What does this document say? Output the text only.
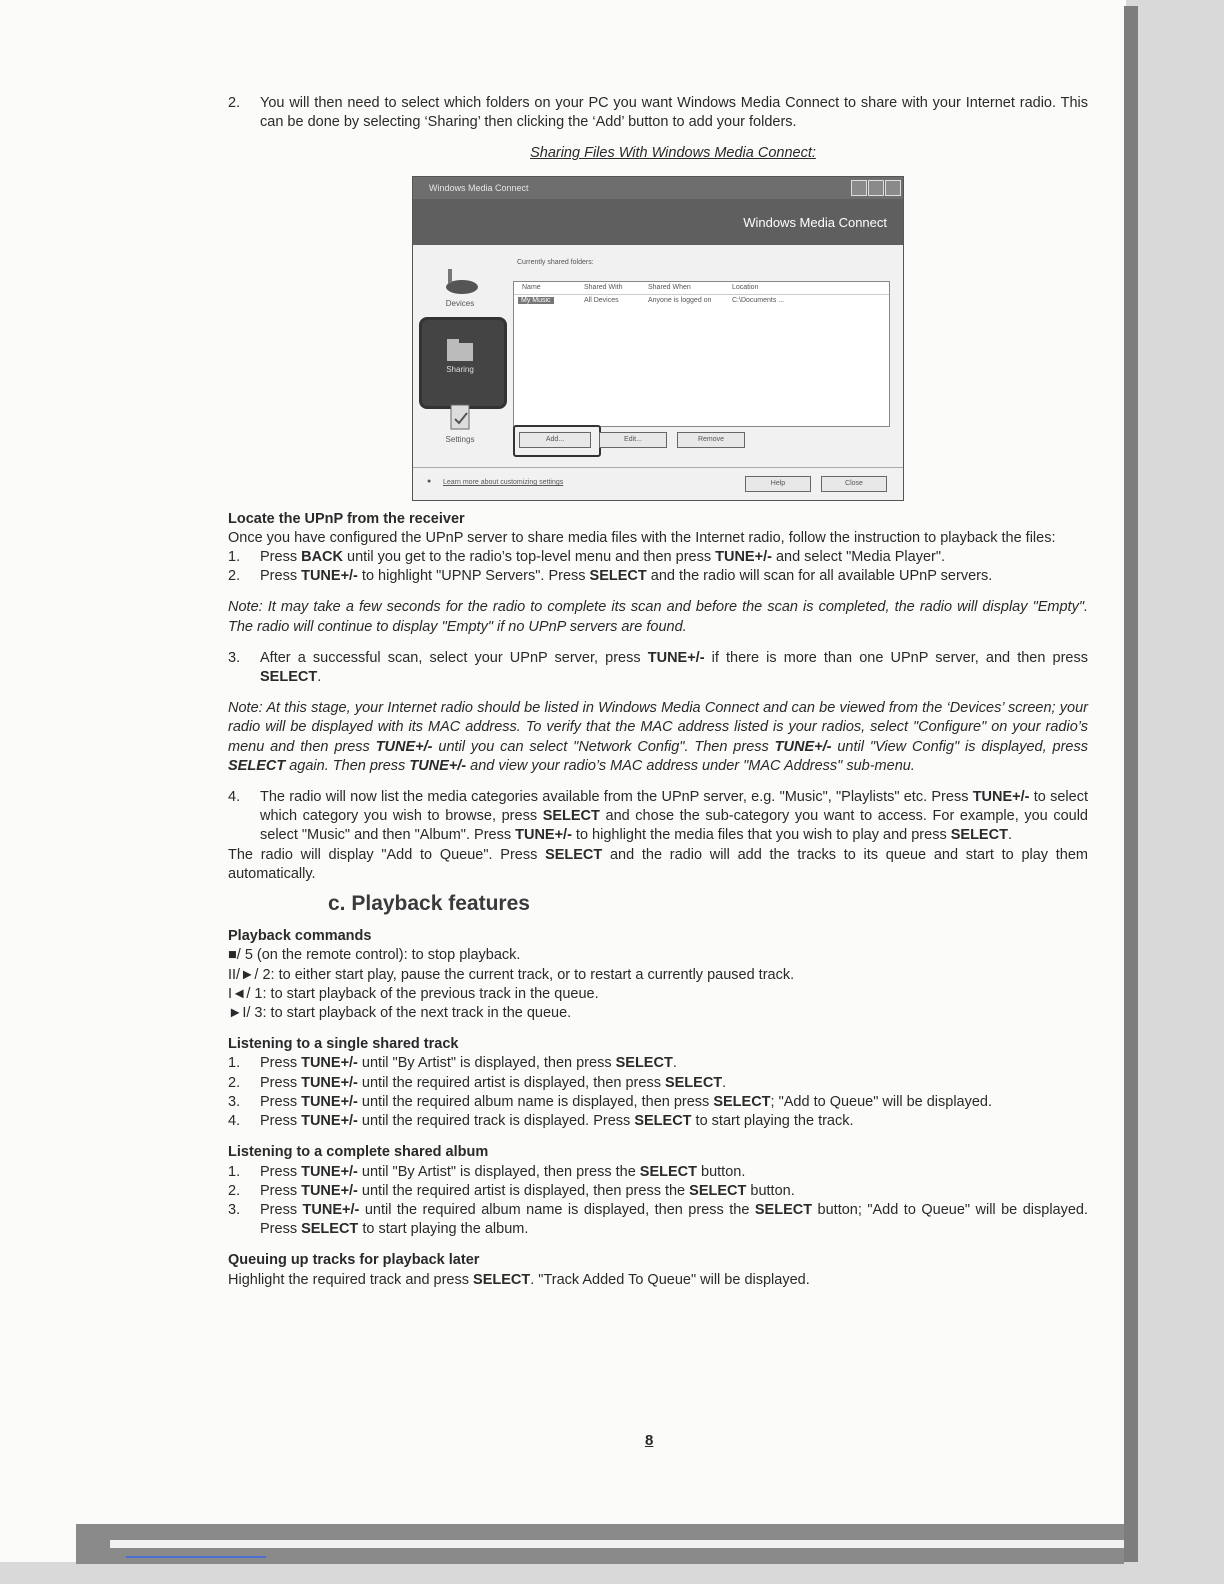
2.	You will then need to select which folders on your PC you want Windows Media Connect to share with your Internet radio. This can be done by selecting ‘Sharing’ then clicking the ‘Add’ button to add your folders.

Sharing Files With Windows Media Connect:

Locate the UPnP from the receiver

Once you have configured the UPnP server to share media files with the Internet radio, follow the instruction to playback the files:

1.	Press BACK until you get to the radio’s top-level menu and then press TUNE+/- and select "Media Player".
2.	Press TUNE+/- to highlight "UPNP Servers". Press SELECT and the radio will scan for all available UPnP servers.

Note: It may take a few seconds for the radio to complete its scan and before the scan is completed, the radio will display "Empty". The radio will continue to display "Empty" if no UPnP servers are found.

3.	After a successful scan, select your UPnP server, press TUNE+/- if there is more than one UPnP server, and then press SELECT.

Note: At this stage, your Internet radio should be listed in Windows Media Connect and can be viewed from the ‘Devices’ screen; your radio will be displayed with its MAC address. To verify that the MAC address listed is your radios, select "Configure" on your radio’s menu and then press TUNE+/- until you can select "Network Config". Then press TUNE+/- until "View Config" is displayed, press SELECT again. Then press TUNE+/- and view your radio’s MAC address under "MAC Address" sub-menu.

4.	The radio will now list the media categories available from the UPnP server, e.g. "Music", "Playlists" etc. Press TUNE+/- to select which category you wish to browse, press SELECT and chose the sub-category you want to access. For example, you could select "Music" and then "Album". Press TUNE+/- to highlight the media files that you wish to play and press SELECT.

The radio will display "Add to Queue". Press SELECT and the radio will add the tracks to its queue and start to play them automatically.

c. Playback features

Playback commands

■/ 5 (on the remote control): to stop playback.

II/►/ 2: to either start play, pause the current track, or to restart a currently paused track.

I◄/ 1: to start playback of the previous track in the queue.

►I/ 3: to start playback of the next track in the queue.

Listening to a single shared track

1.	Press TUNE+/- until "By Artist" is displayed, then press SELECT.
2.	Press TUNE+/- until the required artist is displayed, then press SELECT.
3.	Press TUNE+/- until the required album name is displayed, then press SELECT; "Add to Queue" will be displayed.
4.	Press TUNE+/- until the required track is displayed. Press SELECT to start playing the track.

Listening to a complete shared album

1.	Press TUNE+/- until "By Artist" is displayed, then press the SELECT button.
2.	Press TUNE+/- until the required artist is displayed, then press the SELECT button.
3.	Press TUNE+/- until the required album name is displayed, then press the SELECT button; "Add to Queue" will be displayed. Press SELECT to start playing the album.

Queuing up tracks for playback later

Highlight the required track and press SELECT. "Track Added To Queue" will be displayed.

Windows Media Connect
Windows Media Connect
Devices
Sharing
Settings
Currently shared folders:
Name	Shared With	Shared When	Location
My Music	All Devices	Anyone is logged on	C:\Documents ...
Add...	Edit...	Remove
● Learn more about customizing settings	Help	Close
8
